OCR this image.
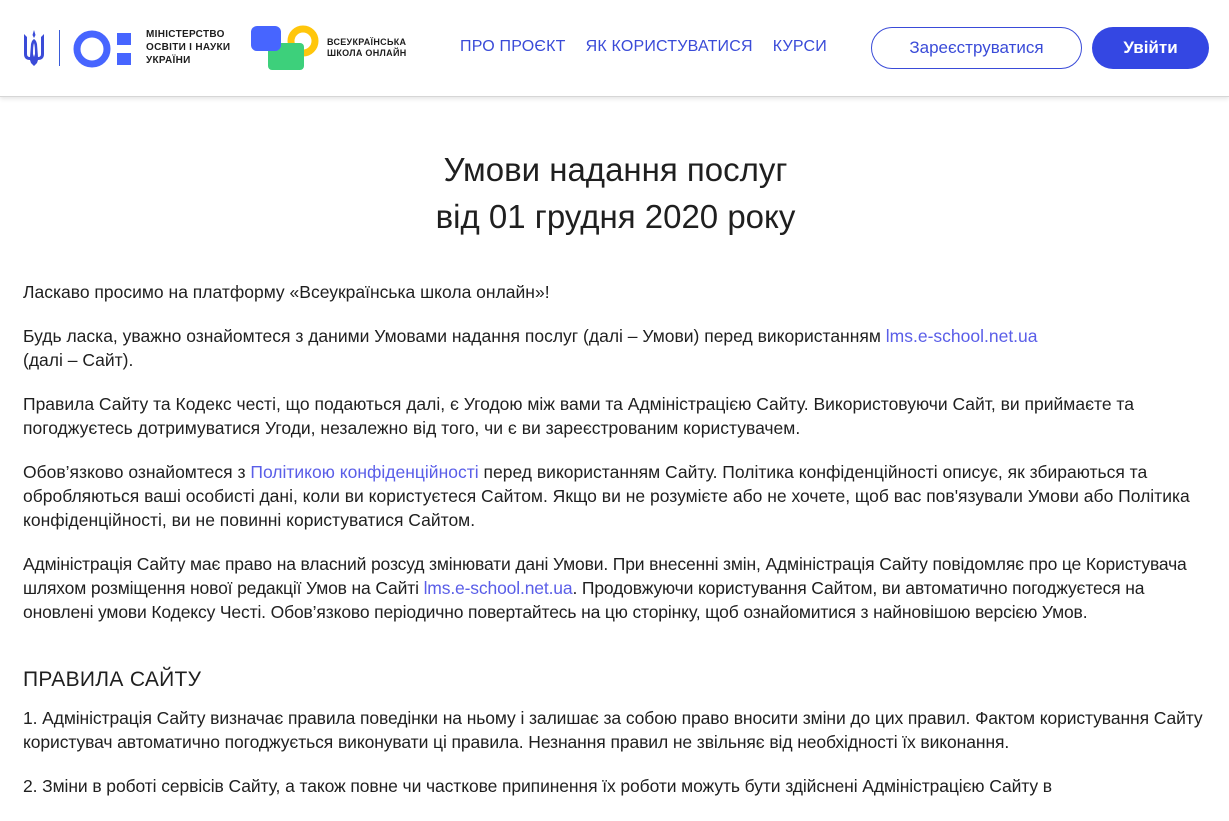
МІНІСТЕРСТВО
ОСВІТИ І НАУКИ
УКРАЇНИ
ВСЕУКРАЇНСЬКА
ШКОЛА ОНЛАЙН	ПРО ПРОЄКТ ЯК КОРИСТУВАТИСЯ КУРСИ	Зареєструватися	Увійти
Умови надання послуг
від 01 грудня 2020 року

Ласкаво просимо на платформу «Всеукраїнська школа онлайн»!

Будь ласка, уважно ознайомтеся з даними Умовами надання послуг (далі – Умови) перед використанням lms.e-school.net.ua
(далі – Сайт).

Правила Сайту та Кодекс честі, що подаються далі, є Угодою між вами та Адміністрацією Сайту. Використовуючи Сайт, ви приймаєте та погоджуєтесь дотримуватися Угоди, незалежно від того, чи є ви зареєстрованим користувачем.

Обов’язково ознайомтеся з Політикою конфіденційності перед використанням Сайту. Політика конфіденційності описує, як збираються та обробляються ваші особисті дані, коли ви користуєтеся Сайтом. Якщо ви не розумієте або не хочете, щоб вас пов'язували Умови або Політика конфіденційності, ви не повинні користуватися Сайтом.

Адміністрація Сайту має право на власний розсуд змінювати дані Умови. При внесенні змін, Адміністрація Сайту повідомляє про це Користувача шляхом розміщення нової редакції Умов на Сайті lms.e-school.net.ua. Продовжуючи користування Сайтом, ви автоматично погоджуєтеся на оновлені умови Кодексу Честі. Обов’язково періодично повертайтесь на цю сторінку, щоб ознайомитися з найновішою версією Умов.

ПРАВИЛА САЙТУ

1. Адміністрація Сайту визначає правила поведінки на ньому і залишає за собою право вносити зміни до цих правил. Фактом користування Сайту користувач автоматично погоджується виконувати ці правила. Незнання правил не звільняє від необхідності їх виконання.

2. Зміни в роботі сервісів Сайту, а також повне чи часткове припинення їх роботи можуть бути здійснені Адміністрацією Сайту в
